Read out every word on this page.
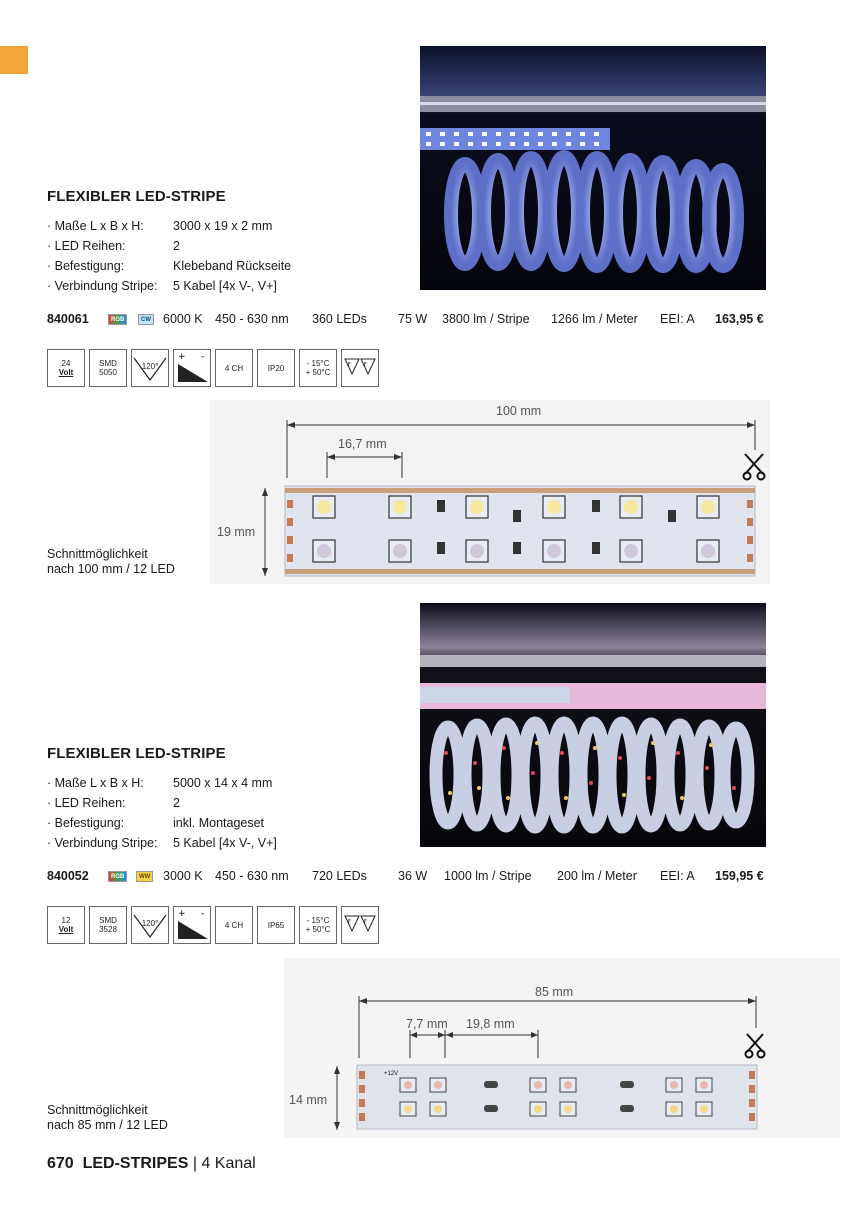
FLEXIBLER LED-STRIPE
· Maße L x B x H:	3000 x 19 x 2 mm
· LED Reihen:	2
· Befestigung:	Klebeband Rückseite
· Verbindung Stripe:	5 Kabel [4x V-, V+]
840061	RGB	CW 6000 K 450 - 630 nm 360 LEDs 75 W 3800 lm / Stripe 1266 lm / Meter EEI: A 163,95 €
24
Volt
SMD
5050
120°
+ -
4 CH	IP20	- 15°C
+ 50°C
F	F
100 mm
16,7 mm
19 mm
Schnittmöglichkeit
nach 100 mm / 12 LED
FLEXIBLER LED-STRIPE
· Maße L x B x H:	5000 x 14 x 4 mm
· LED Reihen:	2
· Befestigung:	inkl. Montageset
· Verbindung Stripe:	5 Kabel [4x V-, V+]
840052	RGB	WW 3000 K 450 - 630 nm 720 LEDs 36 W 1000 lm / Stripe 200 lm / Meter EEI: A 159,95 €
12
Volt
SMD
3528
120°
+ -
4 CH	IP65	- 15°C
+ 50°C
F	F
85 mm
7,7 mm 19,8 mm
14 mm
+12V
Schnittmöglichkeit
nach 85 mm / 12 LED
670 LED-STRIPES | 4 Kanal
